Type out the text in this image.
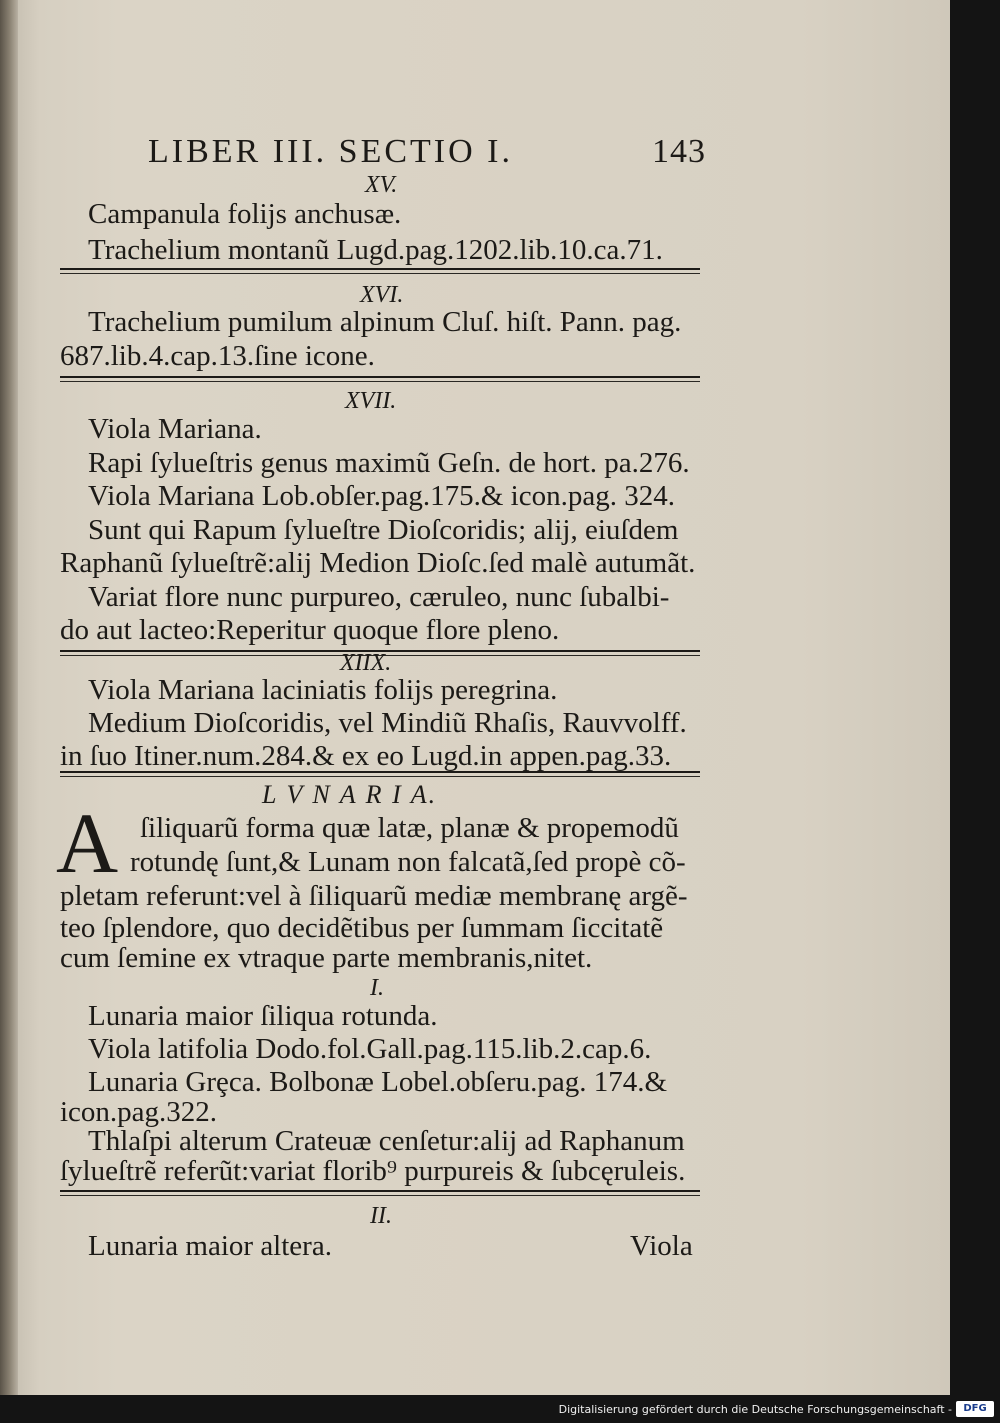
LIBER III. SECTIO I.	143
XV.
Campanula folijs anchusæ.
Trachelium montanũ Lugd.pag.1202.lib.10.ca.71.
XVI.
Trachelium pumilum alpinum Cluſ. hiſt. Pann. pag.
687.lib.4.cap.13.ſine icone.
XVII.
Viola Mariana.
Rapi ſylueſtris genus maximũ Geſn. de hort. pa.276.
Viola Mariana Lob.obſer.pag.175.& icon.pag. 324.
Sunt qui Rapum ſylueſtre Dioſcoridis; alij, eiuſdem
Raphanũ ſylueſtrẽ:alij Medion Dioſc.ſed malè autumãt.
Variat flore nunc purpureo, cæruleo, nunc ſubalbi-
do aut lacteo:Reperitur quoque flore pleno.
XIIX.
Viola Mariana laciniatis folijs peregrina.
Medium Dioſcoridis, vel Mindiũ Rhaſis, Rauvvolff.
in ſuo Itiner.num.284.& ex eo Lugd.in appen.pag.33.
L V N A R I A.
A ſiliquarũ forma quæ latæ, planæ & propemodũ
rotundę ſunt,& Lunam non falcatã,ſed propè cõ-
pletam referunt:vel à ſiliquarũ mediæ membranę argẽ-
teo ſplendore, quo decidẽtibus per ſummam ſiccitatẽ
cum ſemine ex vtraque parte membranis,nitet.
I.
Lunaria maior ſiliqua rotunda.
Viola latifolia Dodo.fol.Gall.pag.115.lib.2.cap.6.
Lunaria Grȩca. Bolbonæ Lobel.obſeru.pag. 174.&
icon.pag.322.
Thlaſpi alterum Crateuæ cenſetur:alij ad Raphanum
ſylueſtrẽ referũt:variat florib⁹ purpureis & ſubcęruleis.
II.
Lunaria maior altera.	Viola
Digitalisierung gefördert durch die Deutsche Forschungsgemeinschaft -	DFG
